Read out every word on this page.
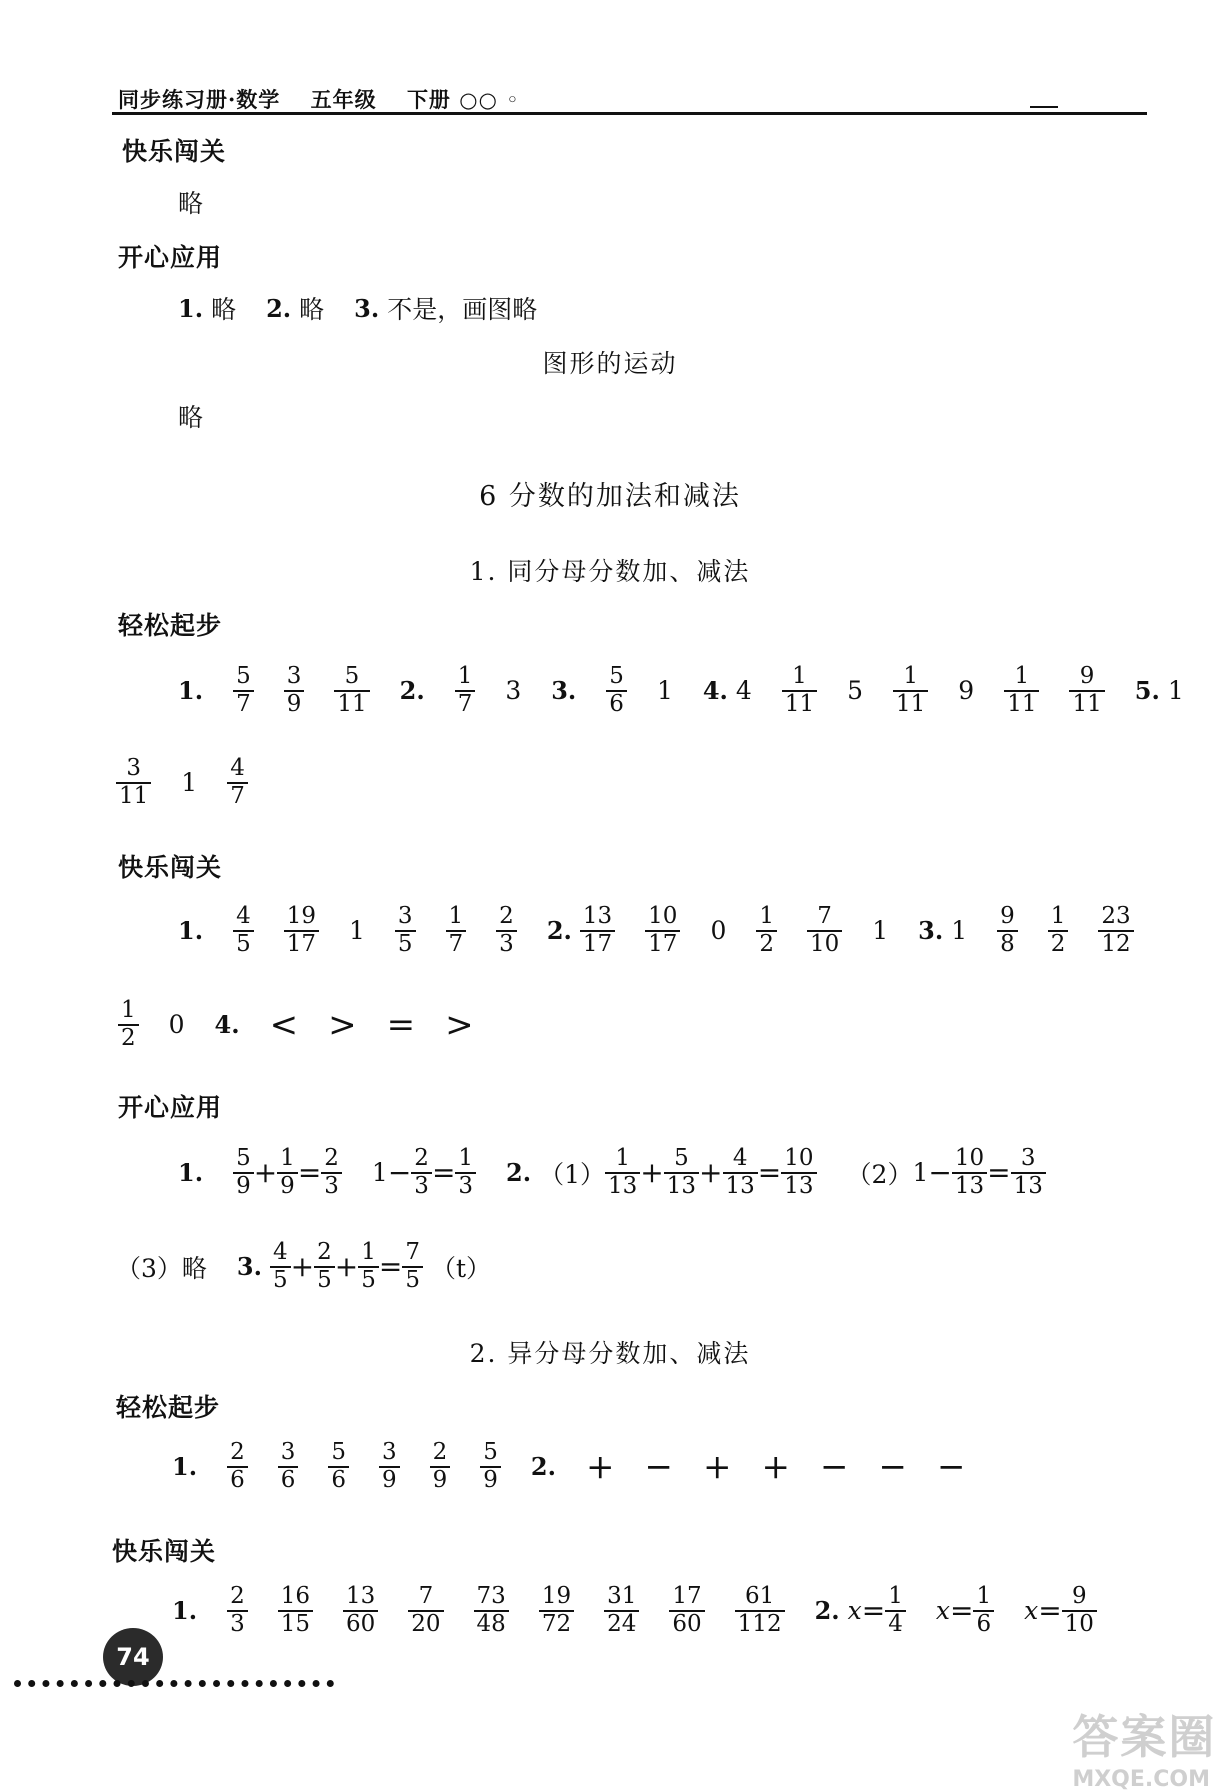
同步练习册·数学 五年级 下册 ○○ ◦
快乐闯关
略
开心应用
1. 略 2. 略 3. 不是，画图略
图形的运动
略
6 分数的加法和减法
1. 同分母分数加、减法
轻松起步
1. $\frac{5}{7} \frac{3}{9} \frac{5}{11} 2$. $\frac{1}{7} 3$ 3. $\frac{5}{6} 1$ 4. $4 \frac{1}{11} 5 \frac{1}{11} 9 \frac{1}{11} \frac{9}{11} 5$. 1
$\frac{3}{11} 1 \frac{4}{7}$
快乐闯关
1. $\frac{4}{5} \frac{19}{17} 1 \frac{3}{5} \frac{1}{7} \frac{2}{3} 2$. $\frac{13}{17} \frac{10}{17} 0 \frac{1}{2} \frac{7}{10} 1$ 3. $1 \frac{9}{8} \frac{1}{2} \frac{23}{12}$
$\frac{1}{2} 0$ 4. < > = >
开心应用
1. $\frac{5}{9} + \frac{1}{9} = \frac{2}{3} 1 - \frac{2}{3} = \frac{1}{3} 2$. $(1) \frac{1}{13} + \frac{5}{13} + \frac{4}{13} = \frac{10}{13} (2) 1 - \frac{10}{13} = \frac{3}{13}$
（3） 略 3. $\frac{4}{5} + \frac{2}{5} + \frac{1}{5} = \frac{7}{5} (t)$
2. 异分母分数加、减法
轻松起步
1. $\frac{2}{6} \frac{3}{6} \frac{5}{6} \frac{3}{9} \frac{2}{9} \frac{5}{9} 2$. + − + + − − −
快乐闯关
1. $\frac{2}{3} \frac{16}{15} \frac{13}{60} \frac{7}{20} \frac{73}{48} \frac{19}{72} \frac{31}{24} \frac{17}{60} \frac{61}{112} 2$. $x = \frac{1}{4}$ $x = \frac{1}{6}$ $x = \frac{9}{10}$
74
答案圈
MXQE.COM
